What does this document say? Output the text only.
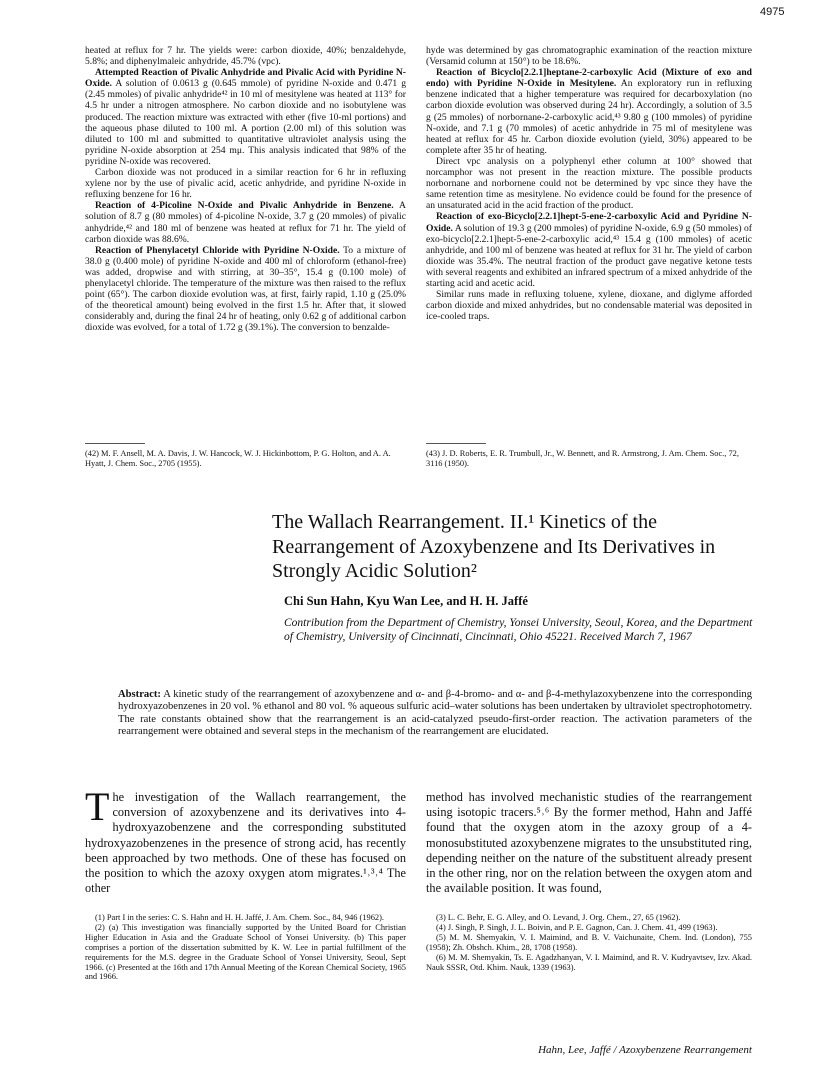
4975

heated at reflux for 7 hr. The yields were: carbon dioxide, 40%; benzaldehyde, 5.8%; and diphenylmaleic anhydride, 45.7% (vpc).

Attempted Reaction of Pivalic Anhydride and Pivalic Acid with Pyridine N-Oxide. A solution of 0.0613 g (0.645 mmole) of pyridine N-oxide and 0.471 g (2.45 mmoles) of pivalic anhydride⁴² in 10 ml of mesitylene was heated at 113° for 4.5 hr under a nitrogen atmosphere. No carbon dioxide and no isobutylene was produced. The reaction mixture was extracted with ether (five 10-ml portions) and the aqueous phase diluted to 100 ml. A portion (2.00 ml) of this solution was diluted to 100 ml and submitted to quantitative ultraviolet analysis using the pyridine N-oxide absorption at 254 mμ. This analysis indicated that 98% of the pyridine N-oxide was recovered.

Carbon dioxide was not produced in a similar reaction for 6 hr in refluxing xylene nor by the use of pivalic acid, acetic anhydride, and pyridine N-oxide in refluxing benzene for 16 hr.

Reaction of 4-Picoline N-Oxide and Pivalic Anhydride in Benzene. A solution of 8.7 g (80 mmoles) of 4-picoline N-oxide, 3.7 g (20 mmoles) of pivalic anhydride,⁴² and 180 ml of benzene was heated at reflux for 71 hr. The yield of carbon dioxide was 88.6%.

Reaction of Phenylacetyl Chloride with Pyridine N-Oxide. To a mixture of 38.0 g (0.400 mole) of pyridine N-oxide and 400 ml of chloroform (ethanol-free) was added, dropwise and with stirring, at 30–35°, 15.4 g (0.100 mole) of phenylacetyl chloride. The temperature of the mixture was then raised to the reflux point (65°). The carbon dioxide evolution was, at first, fairly rapid, 1.10 g (25.0% of the theoretical amount) being evolved in the first 1.5 hr. After that, it slowed considerably and, during the final 24 hr of heating, only 0.62 g of additional carbon dioxide was evolved, for a total of 1.72 g (39.1%). The conversion to benzalde-

hyde was determined by gas chromatographic examination of the reaction mixture (Versamid column at 150°) to be 18.6%.

Reaction of Bicyclo[2.2.1]heptane-2-carboxylic Acid (Mixture of exo and endo) with Pyridine N-Oxide in Mesitylene. An exploratory run in refluxing benzene indicated that a higher temperature was required for decarboxylation (no carbon dioxide evolution was observed during 24 hr). Accordingly, a solution of 3.5 g (25 mmoles) of norbornane-2-carboxylic acid,⁴³ 9.80 g (100 mmoles) of pyridine N-oxide, and 7.1 g (70 mmoles) of acetic anhydride in 75 ml of mesitylene was heated at reflux for 45 hr. Carbon dioxide evolution (yield, 30%) appeared to be complete after 35 hr of heating.

Direct vpc analysis on a polyphenyl ether column at 100° showed that norcamphor was not present in the reaction mixture. The possible products norbornane and norbornene could not be determined by vpc since they have the same retention time as mesitylene. No evidence could be found for the presence of an unsaturated acid in the acid fraction of the product.

Reaction of exo-Bicyclo[2.2.1]hept-5-ene-2-carboxylic Acid and Pyridine N-Oxide. A solution of 19.3 g (200 mmoles) of pyridine N-oxide, 6.9 g (50 mmoles) of exo-bicyclo[2.2.1]hept-5-ene-2-carboxylic acid,⁴³ 15.4 g (100 mmoles) of acetic anhydride, and 100 ml of benzene was heated at reflux for 31 hr. The yield of carbon dioxide was 35.4%. The neutral fraction of the product gave negative ketone tests with several reagents and exhibited an infrared spectrum of a mixed anhydride of the starting acid and acetic acid.

Similar runs made in refluxing toluene, xylene, dioxane, and diglyme afforded carbon dioxide and mixed anhydrides, but no condensable material was deposited in ice-cooled traps.

(42) M. F. Ansell, M. A. Davis, J. W. Hancock, W. J. Hickinbottom, P. G. Holton, and A. A. Hyatt, J. Chem. Soc., 2705 (1955).

(43) J. D. Roberts, E. R. Trumbull, Jr., W. Bennett, and R. Armstrong, J. Am. Chem. Soc., 72, 3116 (1950).

The Wallach Rearrangement. II.¹ Kinetics of the Rearrangement of Azoxybenzene and Its Derivatives in Strongly Acidic Solution²
Chi Sun Hahn, Kyu Wan Lee, and H. H. Jaffé
Contribution from the Department of Chemistry, Yonsei University, Seoul, Korea, and the Department of Chemistry, University of Cincinnati, Cincinnati, Ohio 45221. Received March 7, 1967
Abstract: A kinetic study of the rearrangement of azoxybenzene and α- and β-4-bromo- and α- and β-4-methylazoxybenzene into the corresponding hydroxyazobenzenes in 20 vol. % ethanol and 80 vol. % aqueous sulfuric acid–water solutions has been undertaken by ultraviolet spectrophotometry. The rate constants obtained show that the rearrangement is an acid-catalyzed pseudo-first-order reaction. The activation parameters of the rearrangement were obtained and several steps in the mechanism of the rearrangement are elucidated.

The investigation of the Wallach rearrangement, the conversion of azoxybenzene and its derivatives into 4-hydroxyazobenzene and the corresponding substituted hydroxyazobenzenes in the presence of strong acid, has recently been approached by two methods. One of these has focused on the position to which the azoxy oxygen atom migrates.¹˒³˒⁴ The other

method has involved mechanistic studies of the rearrangement using isotopic tracers.⁵˒⁶ By the former method, Hahn and Jaffé found that the oxygen atom in the azoxy group of a 4-monosubstituted azoxybenzene migrates to the unsubstituted ring, depending neither on the nature of the substituent already present in the other ring, nor on the relation between the oxygen atom and the available position. It was found,

(1) Part I in the series: C. S. Hahn and H. H. Jaffé, J. Am. Chem. Soc., 84, 946 (1962).

(2) (a) This investigation was financially supported by the United Board for Christian Higher Education in Asia and the Graduate School of Yonsei University. (b) This paper comprises a portion of the dissertation submitted by K. W. Lee in partial fulfillment of the requirements for the M.S. degree in the Graduate School of Yonsei University, Seoul, Sept 1966. (c) Presented at the 16th and 17th Annual Meeting of the Korean Chemical Society, 1965 and 1966.

(3) L. C. Behr, E. G. Alley, and O. Levand, J. Org. Chem., 27, 65 (1962).

(4) J. Singh, P. Singh, J. L. Boivin, and P. E. Gagnon, Can. J. Chem. 41, 499 (1963).

(5) M. M. Shemyakin, V. I. Maimind, and B. V. Vaichunaite, Chem. Ind. (London), 755 (1958); Zh. Obshch. Khim., 28, 1708 (1958).

(6) M. M. Shemyakin, Ts. E. Agadzhanyan, V. I. Maimind, and R. V. Kudryavtsev, Izv. Akad. Nauk SSSR, Otd. Khim. Nauk, 1339 (1963).

Hahn, Lee, Jaffé / Azoxybenzene Rearrangement
